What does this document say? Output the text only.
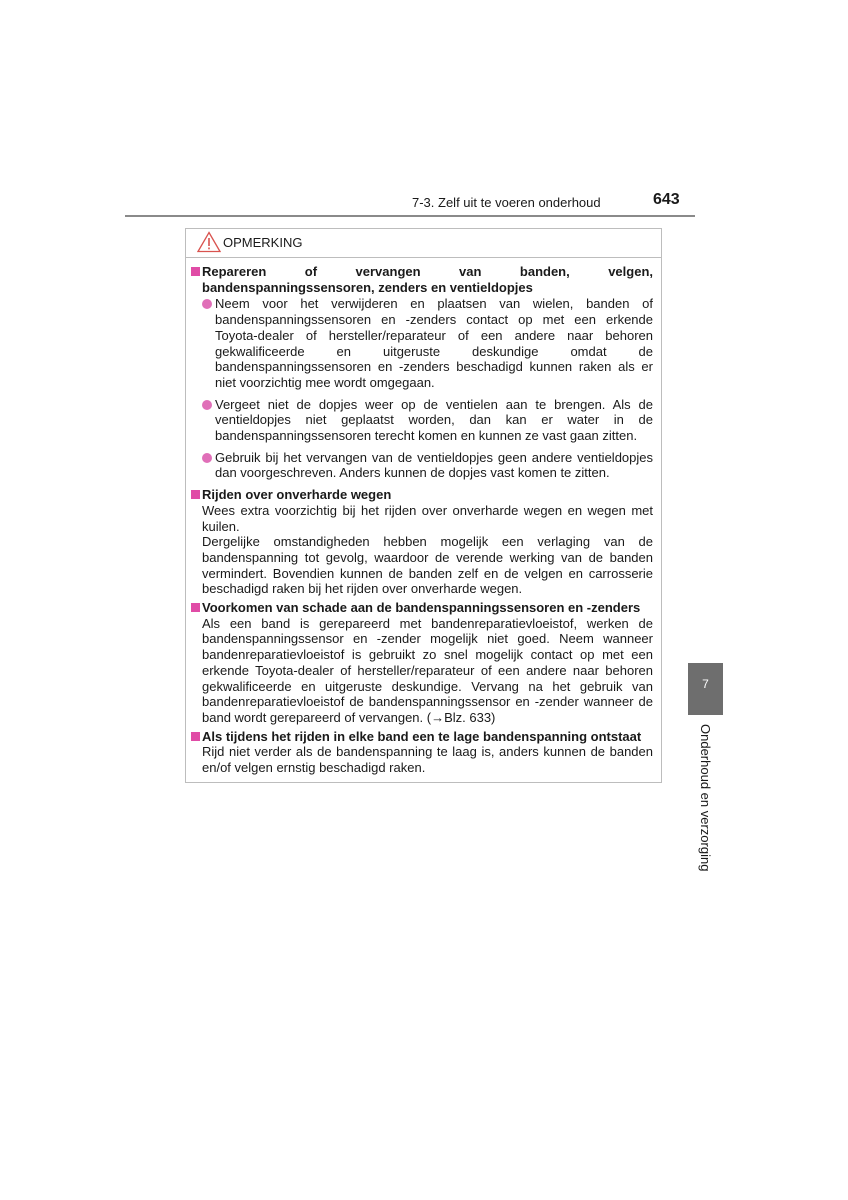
7-3. Zelf uit te voeren onderhoud	643
OPMERKING
Repareren of vervangen van banden, velgen, bandenspanningssensoren, zenders en ventieldopjes
Neem voor het verwijderen en plaatsen van wielen, banden of bandenspanningssensoren en -zenders contact op met een erkende Toyota-dealer of hersteller/reparateur of een andere naar behoren gekwalificeerde en uitgeruste deskundige omdat de bandenspanningssensoren en -zenders beschadigd kunnen raken als er niet voorzichtig mee wordt omgegaan.
Vergeet niet de dopjes weer op de ventielen aan te brengen. Als de ventieldopjes niet geplaatst worden, dan kan er water in de bandenspanningssensoren terecht komen en kunnen ze vast gaan zitten.
Gebruik bij het vervangen van de ventieldopjes geen andere ventieldopjes dan voorgeschreven. Anders kunnen de dopjes vast komen te zitten.
Rijden over onverharde wegen
Wees extra voorzichtig bij het rijden over onverharde wegen en wegen met kuilen.
Dergelijke omstandigheden hebben mogelijk een verlaging van de bandenspanning tot gevolg, waardoor de verende werking van de banden vermindert. Bovendien kunnen de banden zelf en de velgen en carrosserie beschadigd raken bij het rijden over onverharde wegen.
Voorkomen van schade aan de bandenspanningssensoren en -zenders
Als een band is gerepareerd met bandenreparatievloeistof, werken de bandenspanningssensor en -zender mogelijk niet goed. Neem wanneer bandenreparatievloeistof is gebruikt zo snel mogelijk contact op met een erkende Toyota-dealer of hersteller/reparateur of een andere naar behoren gekwalificeerde en uitgeruste deskundige. Vervang na het gebruik van bandenreparatievloeistof de bandenspanningssensor en -zender wanneer de band wordt gerepareerd of vervangen. (→Blz. 633)
Als tijdens het rijden in elke band een te lage bandenspanning ontstaat
Rijd niet verder als de bandenspanning te laag is, anders kunnen de banden en/of velgen ernstig beschadigd raken.
7
Onderhoud en verzorging
